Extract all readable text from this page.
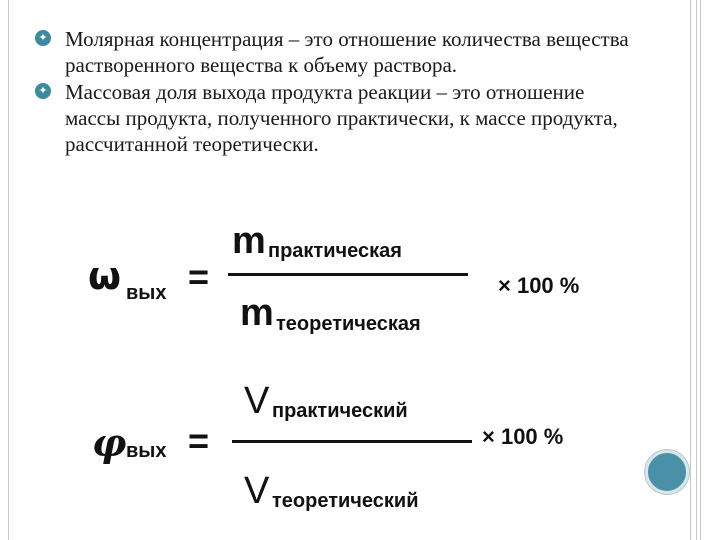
✦ Молярная концентрация – это отношение количества вещества растворенного вещества к объему раствора.
✦ Массовая доля выхода продукта реакции – это отношение массы продукта, полученного практически, к массе продукта, рассчитанной теоретически.
ω вых =
m практическая
m теоретическая
× 100 %
φ вых =
V практический
V теоретический
× 100 %
